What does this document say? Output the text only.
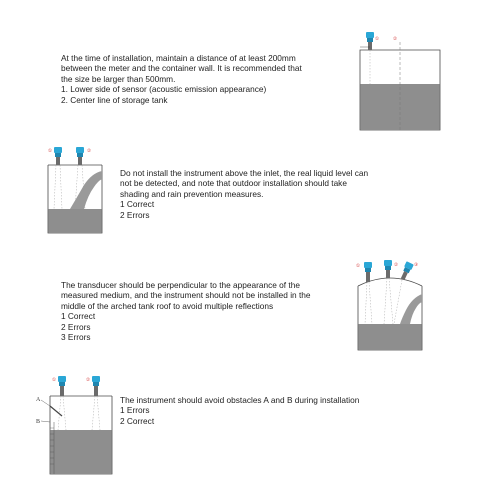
At the time of installation, maintain a distance of at least 200mm
between the meter and the container wall. It is recommended that
the size be larger than 500mm.
1. Lower side of sensor (acoustic emission appearance)
2. Center line of storage tank
②
①
①	②
Do not install the instrument above the inlet, the real liquid level can
not be detected, and note that outdoor installation should take
shading and rain prevention measures.
1 Correct
2 Errors
The transducer should be perpendicular to the appearance of the
measured medium, and the instrument should not be installed in the
middle of the arched tank roof to avoid multiple reflections
1 Correct
2 Errors
3 Errors
①	②	③
A
B
①	②
The instrument should avoid obstacles A and B during installation
1 Errors
2 Correct
